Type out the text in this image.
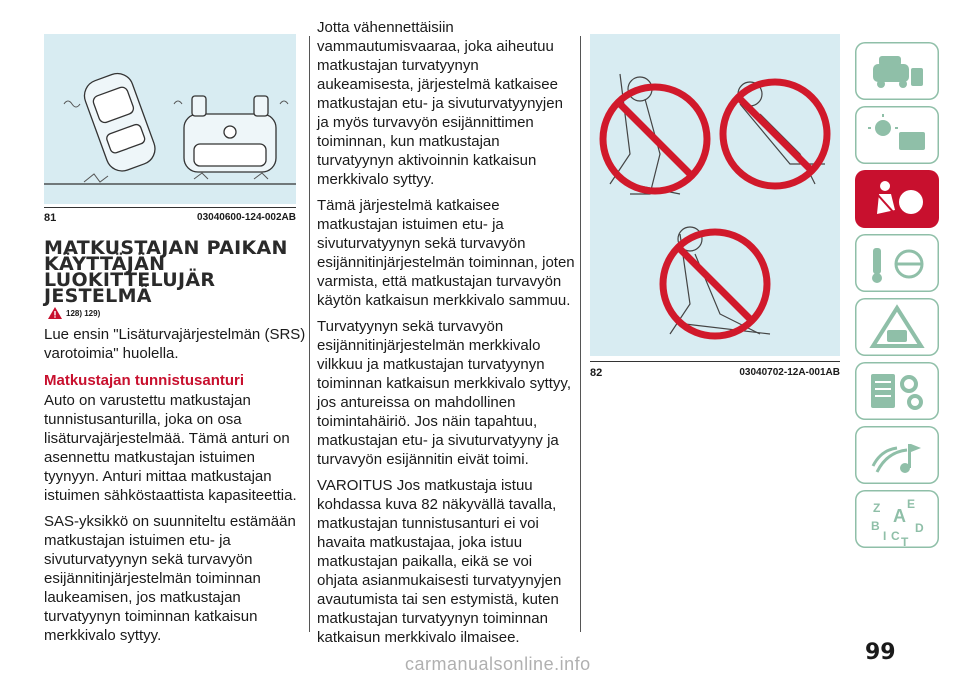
81	03040600-124-002AB
MATKUSTAJAN PAIKAN
KÄYTTÄJÄN
LUOKITTELUJÄR
JESTELMÄ
128) 129)

Lue ensin "Lisäturvajärjestelmän (SRS) varotoimia" huolella.

Matkustajan tunnistusanturi

Auto on varustettu matkustajan tunnistusanturilla, joka on osa lisäturvajärjestelmää. Tämä anturi on asennettu matkustajan istuimen tyynyyn. Anturi mittaa matkustajan istuimen sähköstaattista kapasiteettia.

SAS-yksikkö on suunniteltu estämään matkustajan istuimen etu- ja sivuturvatyynyn sekä turvavyön esijännitinjärjestelmän toiminnan laukeamisen, jos matkustajan turvatyynyn toiminnan katkaisun merkkivalo syttyy.

Jotta vähennettäisiin vammautumisvaaraa, joka aiheutuu matkustajan turvatyynyn aukeamisesta, järjestelmä katkaisee matkustajan etu- ja sivuturvatyynyjen ja myös turvavyön esijännittimen toiminnan, kun matkustajan turvatyynyn aktivoinnin katkaisun merkkivalo syttyy.

Tämä järjestelmä katkaisee matkustajan istuimen etu- ja sivuturvatyynyn sekä turvavyön esijännitinjärjestelmän toiminnan, joten varmista, että matkustajan turvavyön käytön katkaisun merkkivalo sammuu.

Turvatyynyn sekä turvavyön esijännitinjärjestelmän merkkivalo vilkkuu ja matkustajan turvatyynyn toiminnan katkaisun merkkivalo syttyy, jos antureissa on mahdollinen toimintahäiriö. Jos näin tapahtuu, matkustajan etu- ja sivuturvatyyny ja turvavyön esijännitin eivät toimi.

VAROITUS Jos matkustaja istuu kohdassa kuva 82 näkyvällä tavalla, matkustajan tunnistusanturi ei voi havaita matkustajaa, joka istuu matkustajan paikalla, eikä se voi ohjata asianmukaisesti turvatyynyjen avautumista tai sen estymistä, kuten matkustajan turvatyynyn toiminnan katkaisun merkkivalo ilmaisee.

82	03040702-12A-001AB
Z E
B A
D
I C T
99
carmanualsonline.info
